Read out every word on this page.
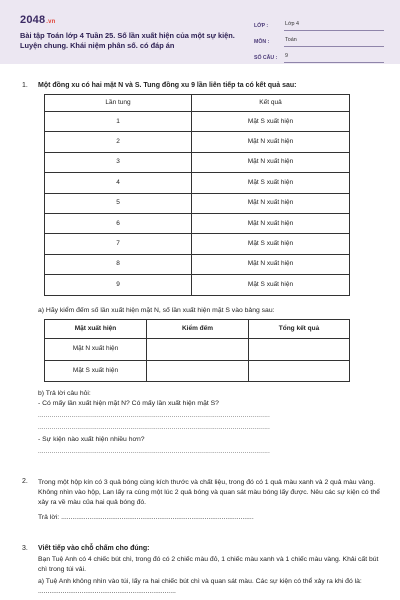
2048.vn
Bài tập Toán lớp 4 Tuần 25. Số lần xuất hiện của một sự kiện. Luyện chung. Khái niệm phân số. có đáp án
LỚP :	Lớp 4
MÔN :	Toán
SỐ CÂU :	9
1. Một đồng xu có hai mặt N và S. Tung đồng xu 9 lần liên tiếp ta có kết quả sau:
Lần tung	Kết quả
1	Mặt S xuất hiện
2	Mặt N xuất hiện
3	Mặt N xuất hiện
4	Mặt S xuất hiện
5	Mặt N xuất hiện
6	Mặt N xuất hiện
7	Mặt S xuất hiện
8	Mặt N xuất hiện
9	Mặt S xuất hiện
a) Hãy kiểm đếm số lần xuất hiện mặt N, số lần xuất hiện mặt S vào bảng sau:
Mặt xuất hiện	Kiểm đếm	Tổng kết quả
Mặt N xuất hiện		
Mặt S xuất hiện		
b) Trả lời câu hỏi:
- Có mấy lần xuất hiện mặt N? Có mấy lần xuất hiện mặt S?
......................................................................................................................
......................................................................................................................
- Sự kiện nào xuất hiện nhiều hơn?
......................................................................................................................
2. Trong một hộp kín có 3 quả bóng cùng kích thước và chất liệu, trong đó có 1 quả màu xanh và 2 quả màu vàng. Không nhìn vào hộp, Lan lấy ra cùng một lúc 2 quả bóng và quan sát màu bóng lấy được. Nêu các sự kiện có thể xảy ra về màu của hai quả bóng đó.
Trả lời: ......................................................................................................
3. Viết tiếp vào chỗ chấm cho đúng:
Bạn Tuệ Anh có 4 chiếc bút chì, trong đó có 2 chiếc màu đỏ, 1 chiếc màu xanh và 1 chiếc màu vàng. Khải cất bút chì trong túi vải.
a) Tuệ Anh không nhìn vào túi, lấy ra hai chiếc bút chì và quan sát màu. Các sự kiện có thể xảy ra khi đó là: .........................................................................
